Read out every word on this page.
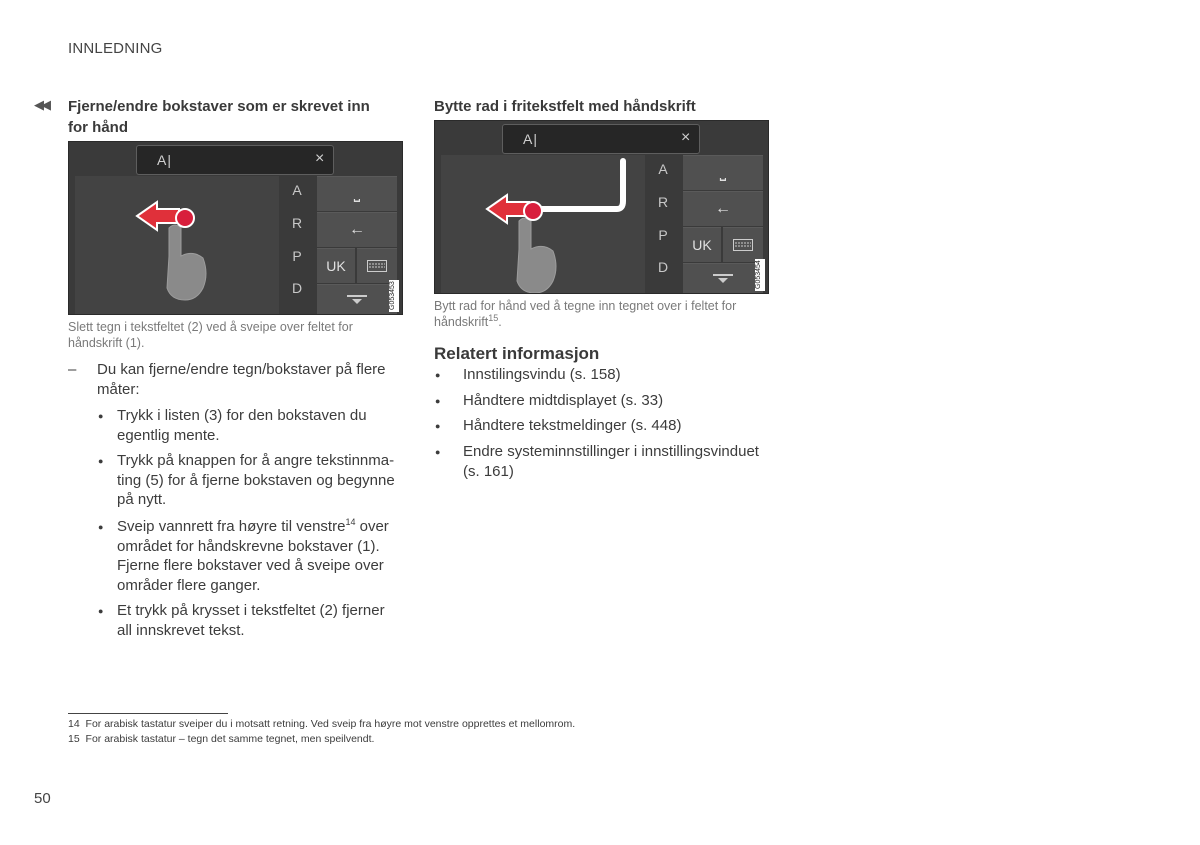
INNLEDNING
◀◀ Fjerne/endre bokstaver som er skrevet inn
for hånd
A|	×
A
R
P
D
⎵
←
UK
G053453
Slett tegn i tekstfeltet (2) ved å sveipe over feltet for
håndskrift (1).
– Du kan fjerne/endre tegn/bokstaver på flere
måter:
● Trykk i listen (3) for den bokstaven du
egentlig mente.
● Trykk på knappen for å angre tekstinnma-
ting (5) for å fjerne bokstaven og begynne
på nytt.
● Sveip vannrett fra høyre til venstre$^{14}$ over
området for håndskrevne bokstaver (1).
Fjerne flere bokstaver ved å sveipe over
områder flere ganger.
● Et trykk på krysset i tekstfeltet (2) fjerner
all innskrevet tekst.
Bytte rad i fritekstfelt med håndskrift
A|	×
A
R
P
D
⎵
←
UK
G053454
Bytt rad for hånd ved å tegne inn tegnet over i feltet for
håndskrift$^{15}$.
Relatert informasjon
● Innstilingsvindu (s. 158)
● Håndtere midtdisplayet (s. 33)
● Håndtere tekstmeldinger (s. 448)
● Endre systeminnstillinger i innstillingsvinduet
(s. 161)
14 For arabisk tastatur sveiper du i motsatt retning. Ved sveip fra høyre mot venstre opprettes et mellomrom.
15 For arabisk tastatur – tegn det samme tegnet, men speilvendt.
50
